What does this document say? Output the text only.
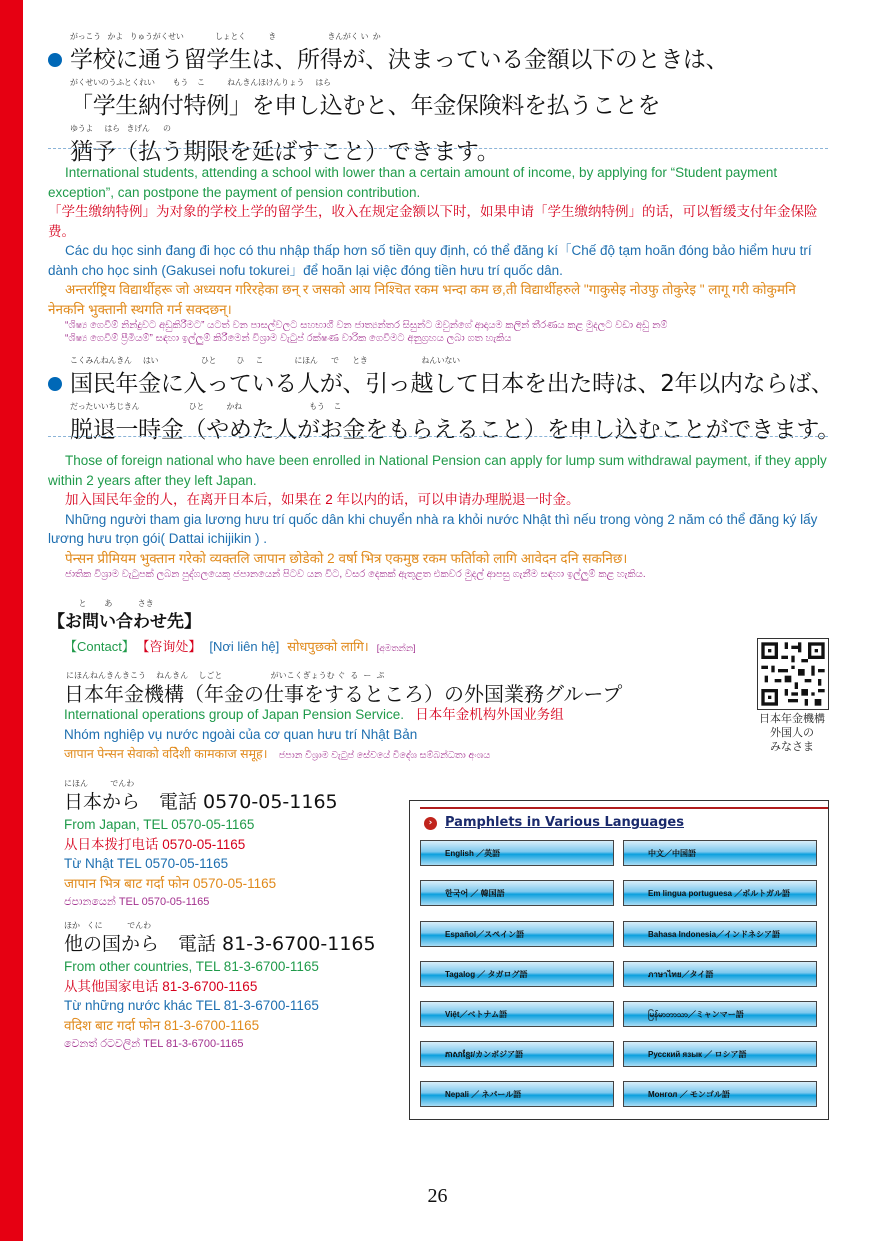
がっこう   かよ   りゅうがくせい              しょとく          き                       きんがく い  か
学校に通う留学生は、所得が、決まっている金額以下のときは、
がくせいのうふとくれい        もう    こ          ねんきんほけんりょう     はら
「学生納付特例」を申し込むと、年金保険料を払うことを
ゆうよ     はら   きげん      の
猶予（払う期限を延ばすこと）できます。
International students, attending a school with lower than a certain amount of income, by applying for “Student payment exception”, can postpone the payment of pension contribution.
「学生缴纳特例」为对象的学校上学的留学生，收入在规定金额以下时，如果申请「学生缴纳特例」的话，可以暂缓支付年金保险费。
Các du học sinh đang đi học có thu nhập thấp hơn số tiền quy định, có thể đăng kí「Chế độ tạm hoãn đóng bảo hiểm hưu trí dành cho học sinh (Gakusei nofu tokurei」để hoãn lại việc đóng tiền hưu trí quốc dân.
अन्तर्राष्ट्रिय विद्यार्थीहरू जो अध्ययन गरिरहेका छन् र जसको आय निश्चित रकम भन्दा कम छ,ती विद्यार्थीहरुले "गाकुसेइ नोउफु तोकुरेइ " लागू गरी कोकुमनि नेनकनि भुक्तानी स्थगति गर्न सक्दछन्।
“ශිෂ්‍ය ගෙවීම් නින්දුවට අඩුකිරීමට” යටත් වන පාසල්වලට සහභාගී වන ජාත්‍යන්තර සිසුන්ට ඔවුන්ගේ ආදායම කලින් තීරණය කළ මුදලට වඩා අඩු නම්
“ශිෂ්‍ය ගෙවීම් ප්‍රීමියම්” සඳහා ඉල්ලුම් කිරීමෙන් විශ්‍රාම වැටුප් රක්ෂණ වාරික ගෙවීමට අනුග්‍රහය ලබා ගත හැකිය
こくみんねんきん     はい                   ひと         ひ     こ              にほん      で      とき                        ねんいない
国民年金に入っている人が、引っ越して日本を出た時は、2年以内ならば、
だったいいちじきん                      ひと          かね                              もう    こ
脱退一時金（やめた人がお金をもらえること）を申し込むことができます。
Those of foreign national who have been enrolled in National Pension can apply for lump sum withdrawal payment, if they apply within 2 years after they left Japan.
加入国民年金的人，在离开日本后，如果在 2 年以内的话，可以申请办理脱退一时金。
Những người tham gia lương hưu trí quốc dân khi chuyển nhà ra khỏi nước Nhật thì nếu trong vòng 2 năm có thể đăng ký lấy lương hưu trọn gói( Dattai ichijikin ) .
पेन्सन प्रीमियम भुक्तान गरेको व्यक्तलि जापान छोडेको 2 वर्षा भित्र एकमुष्ठ रकम फर्तिाको लागि आवेदन दनि सकनिछ।
ජාතික විශ්‍රාම වැටුපක් ලබන පුද්ගලයෙකු ජපානයෙන් පිටව යන විට, වසර දෙකක් ඇතුළත එකවර මුදල් ආපසු ගැනීම සඳහා ඉල්ලුම් කළ හැකිය.
と       あ          さき
【お問い合わせ先】
【Contact】 【咨询处】 [Nơi liên hệ] सोधपुछको लागि। [අමතන්න]
にほんねんきんきこう    ねんきん    しごと                   がいこくぎょうむ ぐ  る  ー  ぷ
日本年金機構（年金の仕事をするところ）の外国業務グループ
International operations group of Japan Pension Service. 日本年金机构外国业务组
Nhóm nghiệp vụ nước ngoài của cơ quan hưu trí Nhật Bản
जापान पेन्सन सेवाको वदिेशी कामकाज समूह। ජපාන විශ්‍රාම වැටුප් සේවයේ විදේශ සම්බන්ධතා අංශය
日本年金機構
外国人の
みなさま
にほん          でんわ
日本から　電話 0570-05-1165
From Japan, TEL 0570-05-1165
从日本拨打电话 0570-05-1165
Từ Nhật TEL 0570-05-1165
जापान भित्र बाट गर्दा फोन 0570-05-1165
ජපානයෙන් TEL 0570-05-1165
ほか   くに           でんわ
他の国から　電話 81-3-6700-1165
From other countries, TEL 81-3-6700-1165
从其他国家电话 81-3-6700-1165
Từ những nước khác TEL 81-3-6700-1165
वदिश बाट गर्दा फोन 81-3-6700-1165
වෙනත් රටවලින් TEL 81-3-6700-1165
› Pamphlets in Various Languages
English ／英語	中文／中国語
한국어 ／ 韓国語	Em lingua portuguesa ／ポルトガル語
Español／スペイン語	Bahasa Indonesia／インドネシア語
Tagalog ／ タガログ語	ภาษาไทย／タイ語
Việt／ベトナム語	မြန်မာဘာသာ／ミャンマー語
ភាសាខ្មែរ/カンボジア語	Русский язык ／ ロシア語
Nepali ／ ネパール語	Монгол ／ モンゴル語
26
